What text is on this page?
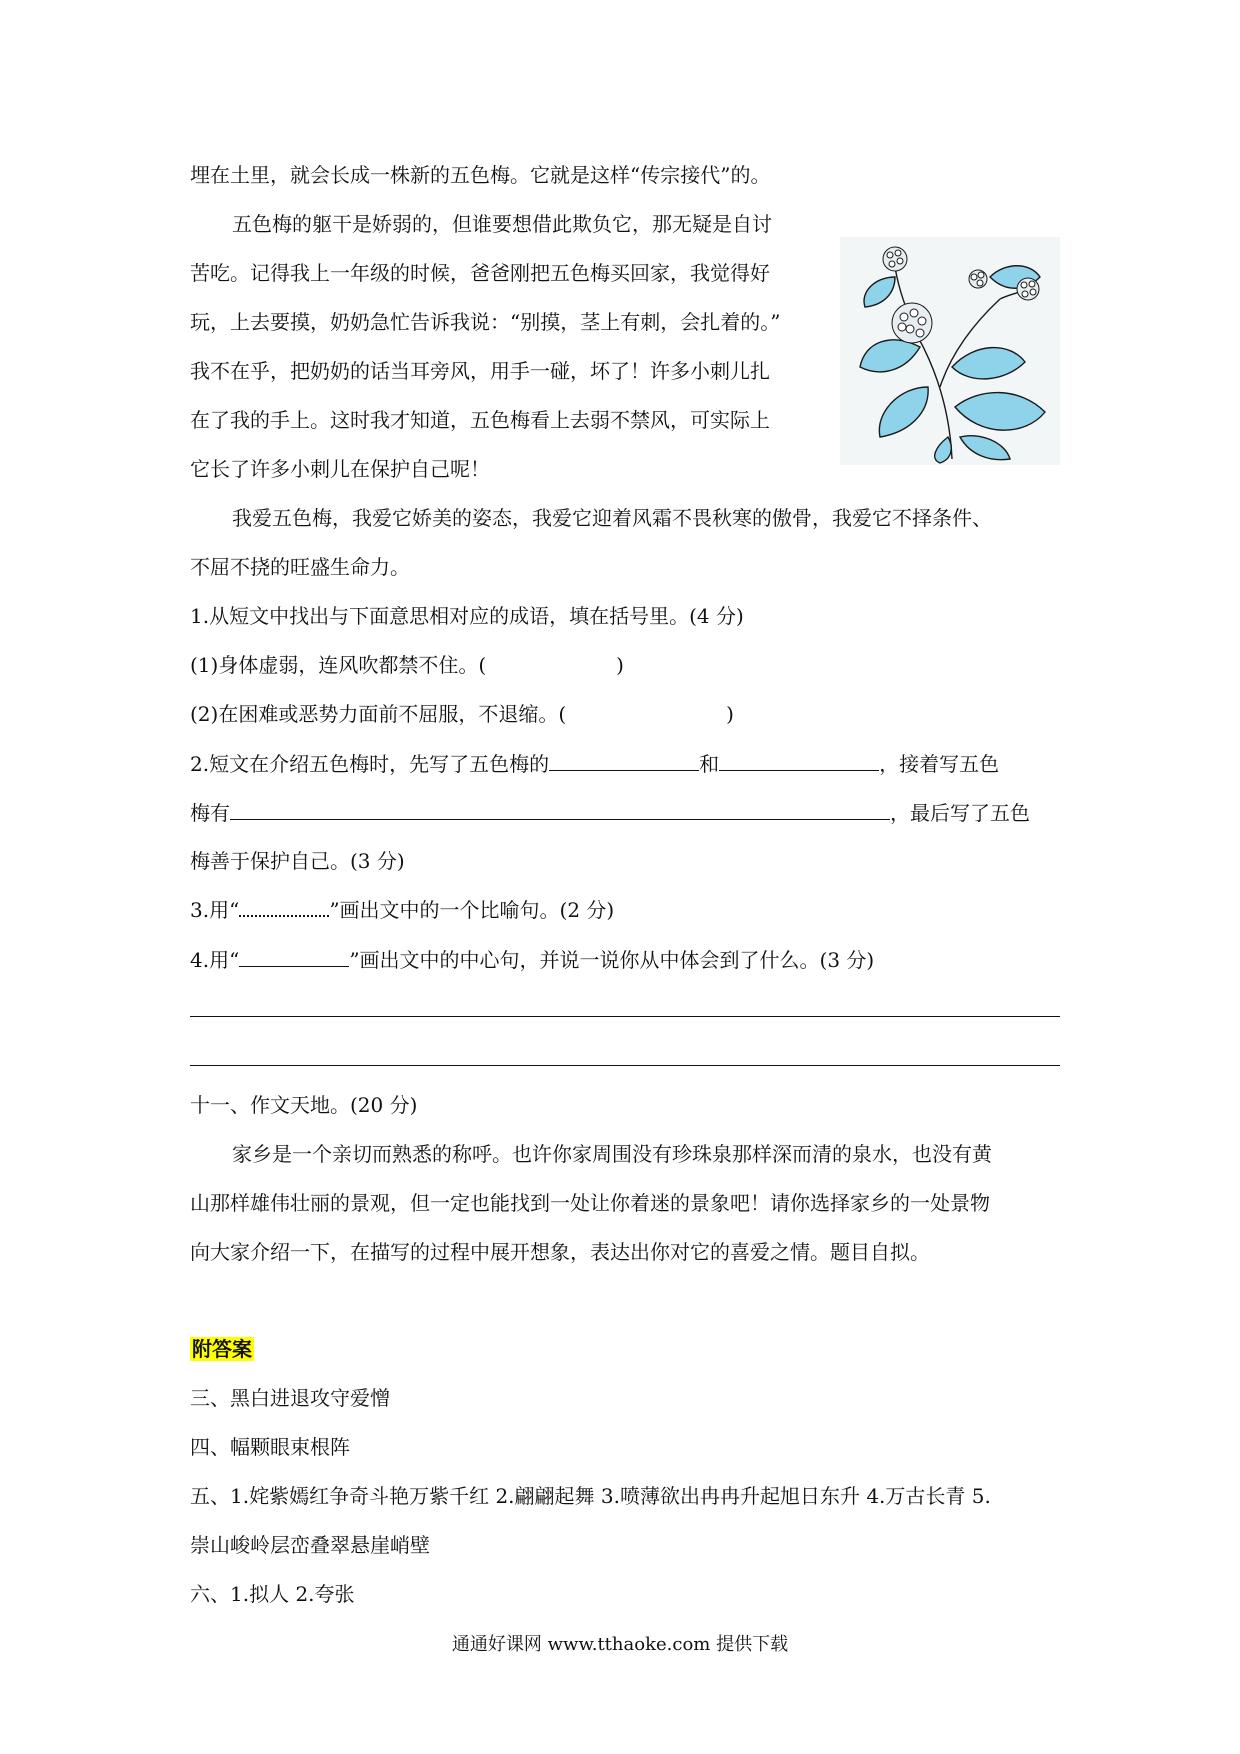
埋在土里，就会长成一株新的五色梅。它就是这样“传宗接代”的。
五色梅的躯干是娇弱的，但谁要想借此欺负它，那无疑是自讨
苦吃。记得我上一年级的时候，爸爸刚把五色梅买回家，我觉得好
玩，上去要摸，奶奶急忙告诉我说：“别摸，茎上有刺，会扎着的。”
我不在乎，把奶奶的话当耳旁风，用手一碰，坏了！许多小刺儿扎
在了我的手上。这时我才知道，五色梅看上去弱不禁风，可实际上
它长了许多小刺儿在保护自己呢！
我爱五色梅，我爱它娇美的姿态，我爱它迎着风霜不畏秋寒的傲骨，我爱它不择条件、
不屈不挠的旺盛生命力。
1.从短文中找出与下面意思相对应的成语，填在括号里。(4 分)
(1)身体虚弱，连风吹都禁不住。(	)
(2)在困难或恶势力面前不屈服，不退缩。(	)
2.短文在介绍五色梅时，先写了五色梅的	和	，接着写五色
梅有	，最后写了五色
梅善于保护自己。(3 分)
3.用“	”画出文中的一个比喻句。(2 分)
4.用“	”画出文中的中心句，并说一说你从中体会到了什么。(3 分)
十一、作文天地。(20 分)
家乡是一个亲切而熟悉的称呼。也许你家周围没有珍珠泉那样深而清的泉水，也没有黄
山那样雄伟壮丽的景观，但一定也能找到一处让你着迷的景象吧！请你选择家乡的一处景物
向大家介绍一下，在描写的过程中展开想象，表达出你对它的喜爱之情。题目自拟。
附答案
三、黑白进退攻守爱憎
四、幅颗眼束根阵
五、1.姹紫嫣红争奇斗艳万紫千红 2.翩翩起舞 3.喷薄欲出冉冉升起旭日东升 4.万古长青 5.
崇山峻岭层峦叠翠悬崖峭壁
六、1.拟人 2.夸张
通通好课网 www.tthaoke.com 提供下载
